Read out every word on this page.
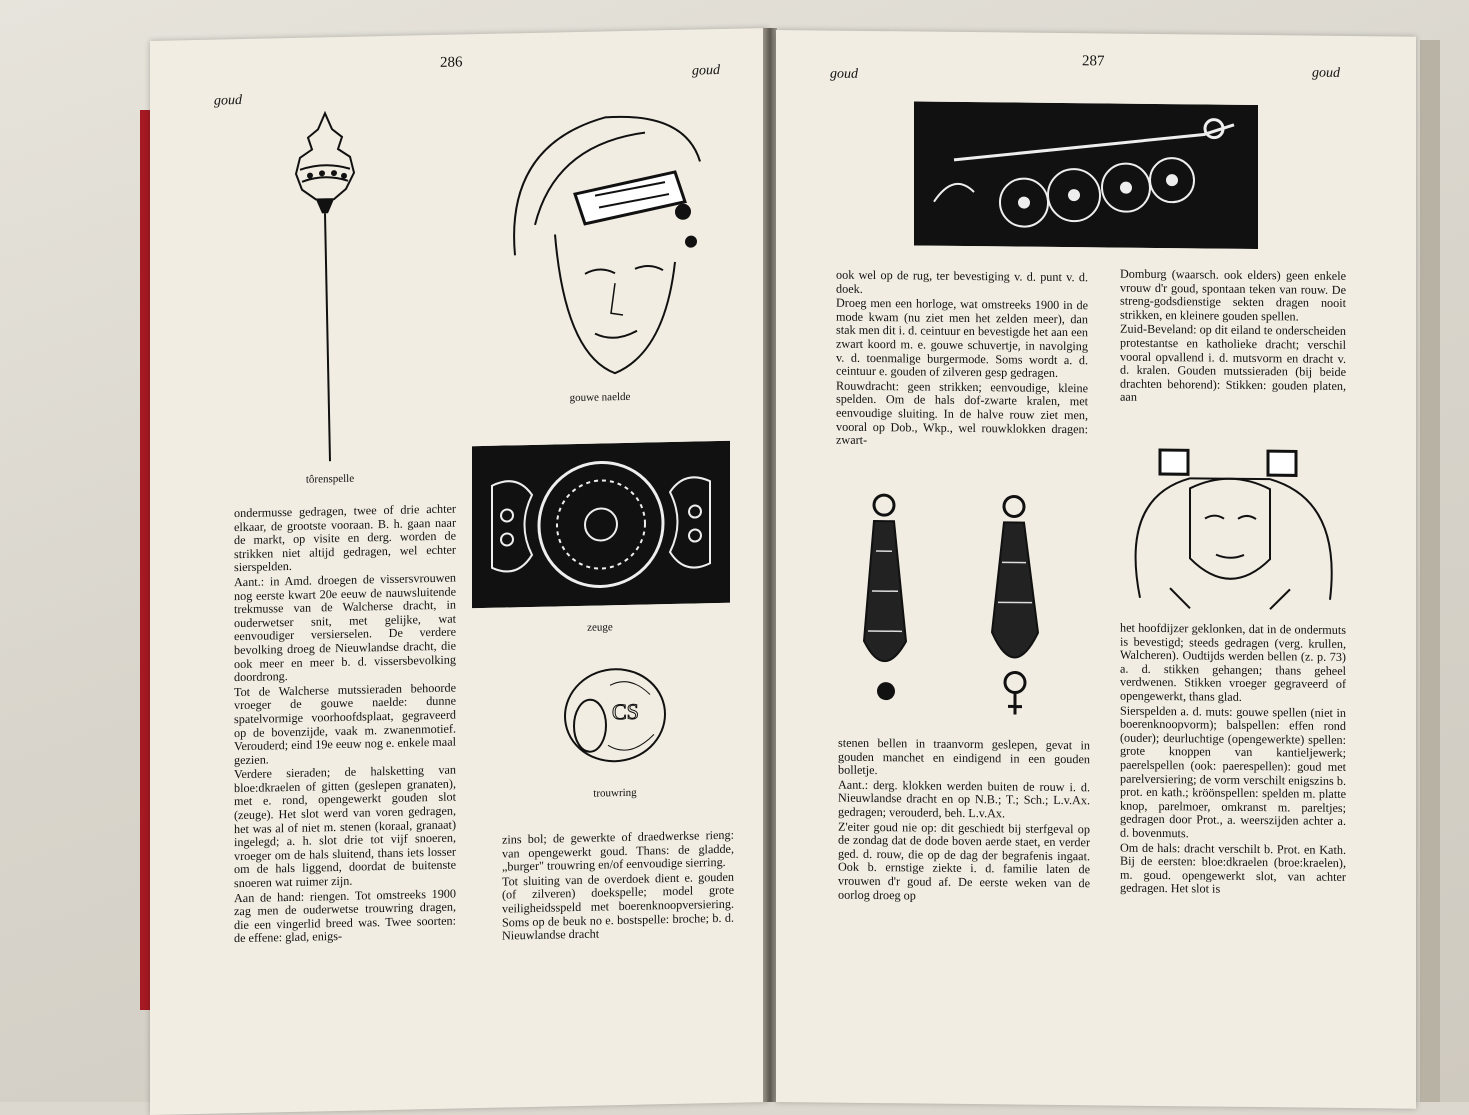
286
goud
goud
tôrenspelle
gouwe naelde
zeuge
CS
trouwring

ondermusse gedragen, twee of drie achter elkaar, de grootste vooraan. B. h. gaan naar de markt, op visite en derg. worden de strikken niet altijd gedragen, wel echter sierspelden.

Aant.: in Amd. droegen de vissersvrouwen nog eerste kwart 20e eeuw de nauwsluitende trekmusse van de Walcherse dracht, in ouderwetser snit, met gelijke, wat eenvoudiger versierselen. De verdere bevolking droeg de Nieuwlandse dracht, die ook meer en meer b. d. vissersbevolking doordrong.

Tot de Walcherse mutssieraden behoorde vroeger de gouwe naelde: dunne spatelvormige voorhoofdsplaat, gegraveerd op de bovenzijde, vaak m. zwanenmotief. Verouderd; eind 19e eeuw nog e. enkele maal gezien.

Verdere sieraden; de halsketting van bloe:dkraelen of gitten (geslepen granaten), met e. rond, opengewerkt gouden slot (zeuge). Het slot werd van voren gedragen, het was al of niet m. stenen (koraal, granaat) ingelegd; a. h. slot drie tot vijf snoeren, vroeger om de hals sluitend, thans iets losser om de hals liggend, doordat de buitenste snoeren wat ruimer zijn.

Aan de hand: riengen. Tot omstreeks 1900 zag men de ouderwetse trouwring dragen, die een vingerlid breed was. Twee soorten: de effene: glad, enigs-

zins bol; de gewerkte of draedwerkse rieng: van opengewerkt goud. Thans: de gladde, „burger" trouwring en/of eenvoudige sierring.

Tot sluiting van de overdoek dient e. gouden (of zilveren) doekspelle; model grote veiligheidsspeld met boerenknoopversiering. Soms op de beuk no e. bostspelle: broche; b. d. Nieuwlandse dracht

287
goud	goud

ook wel op de rug, ter bevestiging v. d. punt v. d. doek.

Droeg men een horloge, wat omstreeks 1900 in de mode kwam (nu ziet men het zelden meer), dan stak men dit i. d. ceintuur en bevestigde het aan een zwart koord m. e. gouwe schuvertje, in navolging v. d. toenmalige burgermode. Soms wordt a. d. ceintuur e. gouden of zilveren gesp gedragen.

Rouwdracht: geen strikken; eenvoudige, kleine spelden. Om de hals dof-zwarte kralen, met eenvoudige sluiting. In de halve rouw ziet men, vooral op Dob., Wkp., wel rouwklokken dragen: zwart-

stenen bellen in traanvorm geslepen, gevat in gouden manchet en eindigend in een gouden bolletje.

Aant.: derg. klokken werden buiten de rouw i. d. Nieuwlandse dracht en op N.B.; T.; Sch.; L.v.Ax. gedragen; verouderd, beh. L.v.Ax.

Z'eiter goud nie op: dit geschiedt bij sterfgeval op de zondag dat de dode boven aerde staet, en verder ged. d. rouw, die op de dag der begrafenis ingaat. Ook b. ernstige ziekte i. d. familie laten de vrouwen d'r goud af. De eerste weken van de oorlog droeg op

Domburg (waarsch. ook elders) geen enkele vrouw d'r goud, spontaan teken van rouw. De streng-godsdienstige sekten dragen nooit strikken, en kleinere gouden spellen.

Zuid-Beveland: op dit eiland te onderscheiden protestantse en katholieke dracht; verschil vooral opvallend i. d. mutsvorm en dracht v. d. kralen. Gouden mutssieraden (bij beide drachten behorend): Stikken: gouden platen, aan

het hoofdijzer geklonken, dat in de ondermuts is bevestigd; steeds gedragen (verg. krullen, Walcheren). Oudtijds werden bellen (z. p. 73) a. d. stikken gehangen; thans geheel verdwenen. Stikken vroeger gegraveerd of opengewerkt, thans glad.

Sierspelden a. d. muts: gouwe spellen (niet in boerenknoopvorm); balspellen: effen rond (ouder); deurluchtige (opengewerkte) spellen: grote knoppen van kantieljewerk; paerelspellen (ook: paerespellen): goud met parelversiering; de vorm verschilt enigszins b. prot. en kath.; kröönspellen: spelden m. platte knop, parelmoer, omkranst m. pareltjes; gedragen door Prot., a. weerszijden achter a. d. bovenmuts.

Om de hals: dracht verschilt b. Prot. en Kath. Bij de eersten: bloe:dkraelen (broe:kraelen), m. goud. opengewerkt slot, van achter gedragen. Het slot is
